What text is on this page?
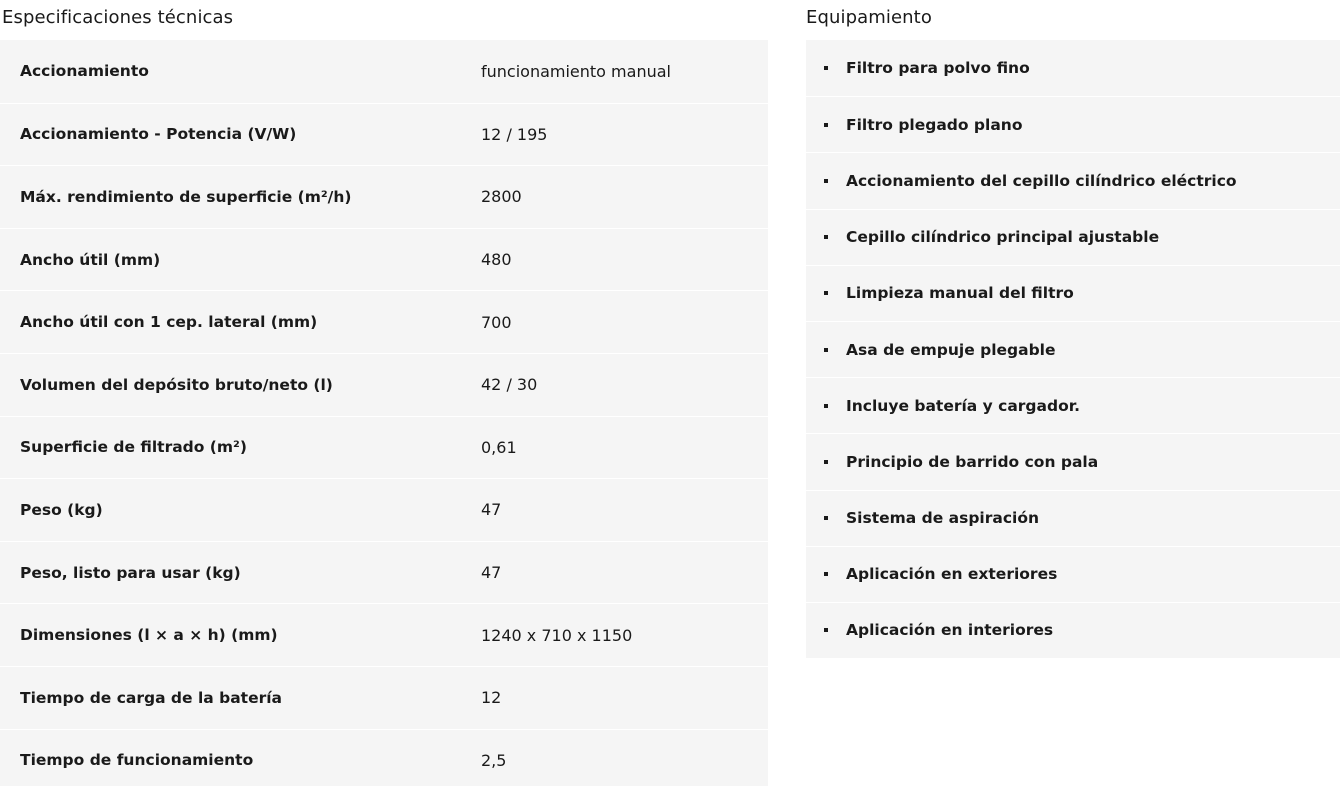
Especificaciones técnicas
Accionamiento	funcionamiento manual
Accionamiento - Potencia (V/W)	12 / 195
Máx. rendimiento de superficie (m²/h)	2800
Ancho útil (mm)	480
Ancho útil con 1 cep. lateral (mm)	700
Volumen del depósito bruto/neto (l)	42 / 30
Superficie de filtrado (m²)	0,61
Peso (kg)	47
Peso, listo para usar (kg)	47
Dimensiones (l × a × h) (mm)	1240 x 710 x 1150
Tiempo de carga de la batería	12
Tiempo de funcionamiento	2,5
Equipamiento
Filtro para polvo fino
Filtro plegado plano
Accionamiento del cepillo cilíndrico eléctrico
Cepillo cilíndrico principal ajustable
Limpieza manual del filtro
Asa de empuje plegable
Incluye batería y cargador.
Principio de barrido con pala
Sistema de aspiración
Aplicación en exteriores
Aplicación en interiores
